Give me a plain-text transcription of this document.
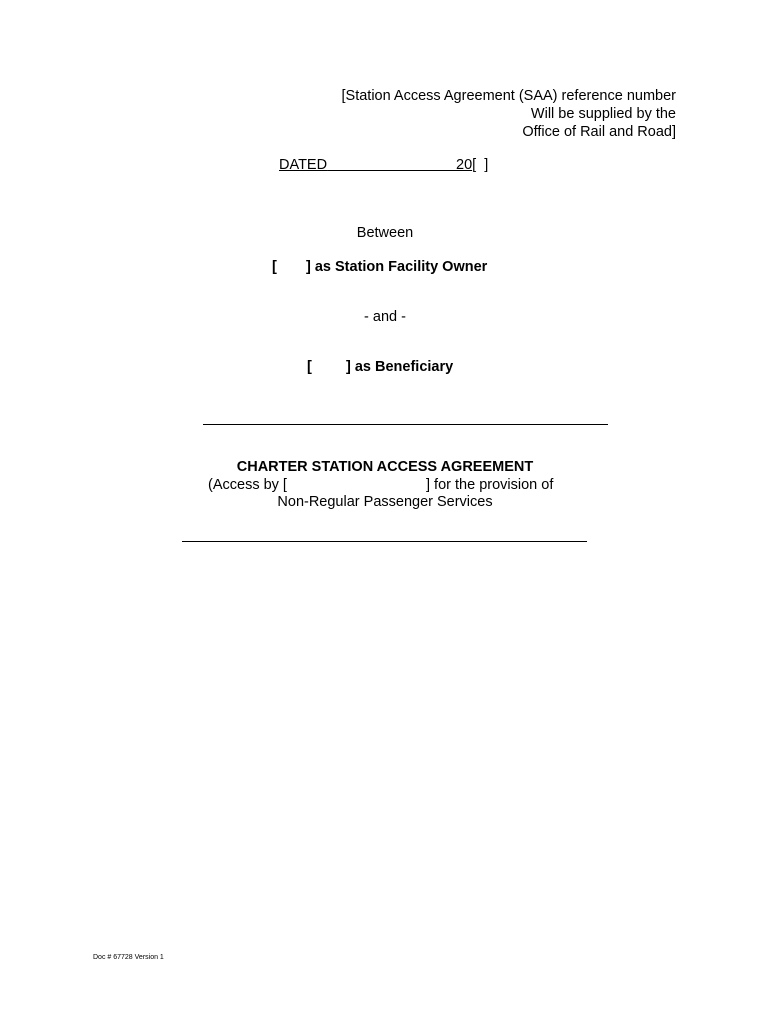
[Station Access Agreement (SAA) reference number
Will be supplied by the
Office of Rail and Road]
DATED	20[  ]
Between
[ ] as Station Facility Owner
- and -
[ ] as Beneficiary
CHARTER STATION ACCESS AGREEMENT
(Access by [	] for the provision of
Non-Regular Passenger Services
Doc # 67728 Version 1
